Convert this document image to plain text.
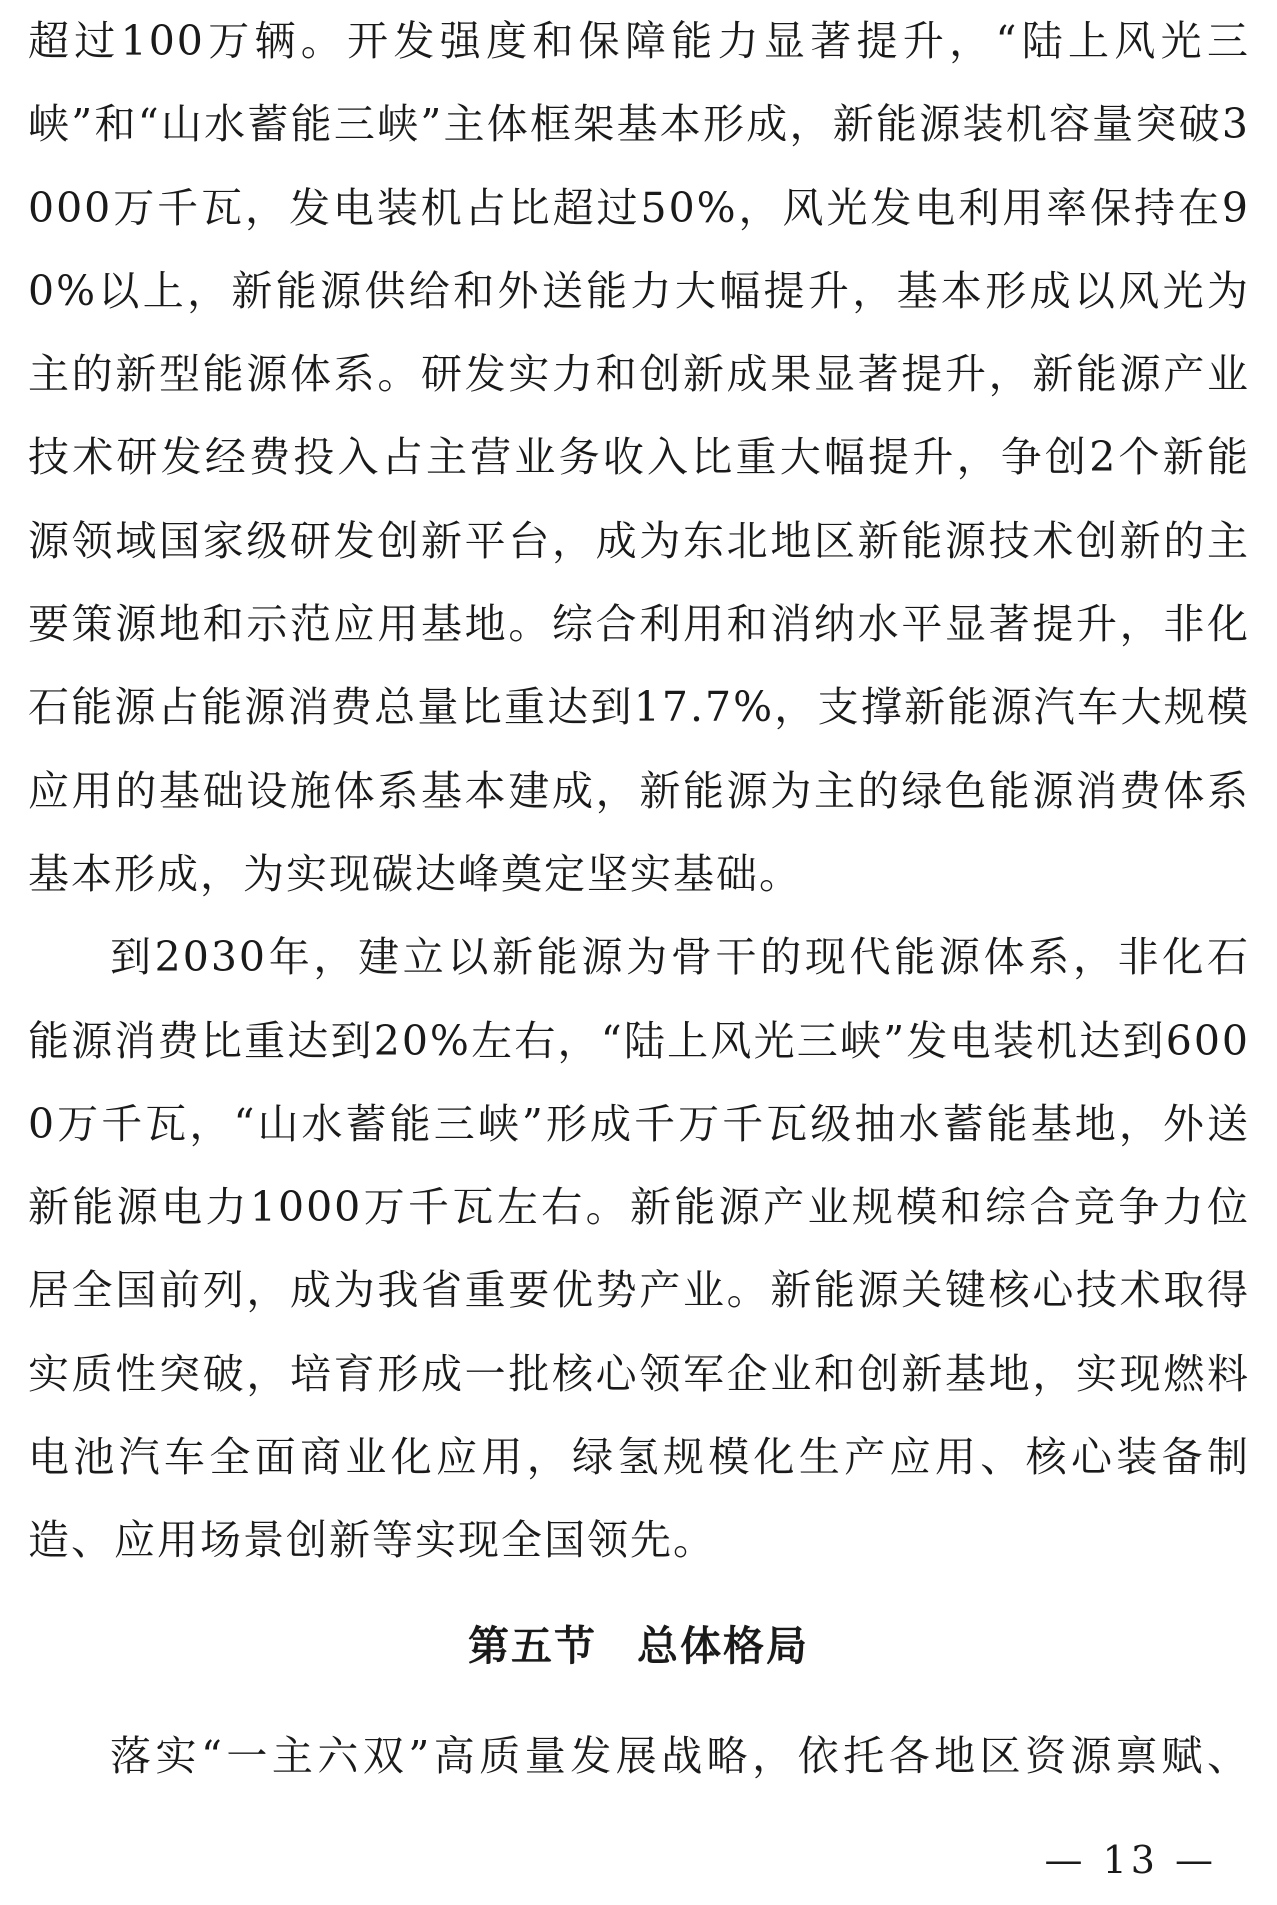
超过100万辆。开发强度和保障能力显著提升，“陆上风光三峡”和“山水蓄能三峡”主体框架基本形成，新能源装机容量突破3000万千瓦，发电装机占比超过50%，风光发电利用率保持在90%以上，新能源供给和外送能力大幅提升，基本形成以风光为主的新型能源体系。研发实力和创新成果显著提升，新能源产业技术研发经费投入占主营业务收入比重大幅提升，争创2个新能源领域国家级研发创新平台，成为东北地区新能源技术创新的主要策源地和示范应用基地。综合利用和消纳水平显著提升，非化石能源占能源消费总量比重达到17.7%，支撑新能源汽车大规模应用的基础设施体系基本建成，新能源为主的绿色能源消费体系基本形成，为实现碳达峰奠定坚实基础。

到2030年，建立以新能源为骨干的现代能源体系，非化石能源消费比重达到20%左右，“陆上风光三峡”发电装机达到6000万千瓦，“山水蓄能三峡”形成千万千瓦级抽水蓄能基地，外送新能源电力1000万千瓦左右。新能源产业规模和综合竞争力位居全国前列，成为我省重要优势产业。新能源关键核心技术取得实质性突破，培育形成一批核心领军企业和创新基地，实现燃料电池汽车全面商业化应用，绿氢规模化生产应用、核心装备制造、应用场景创新等实现全国领先。

第五节 总体格局

落实“一主六双”高质量发展战略，依托各地区资源禀赋、

— 13 —
